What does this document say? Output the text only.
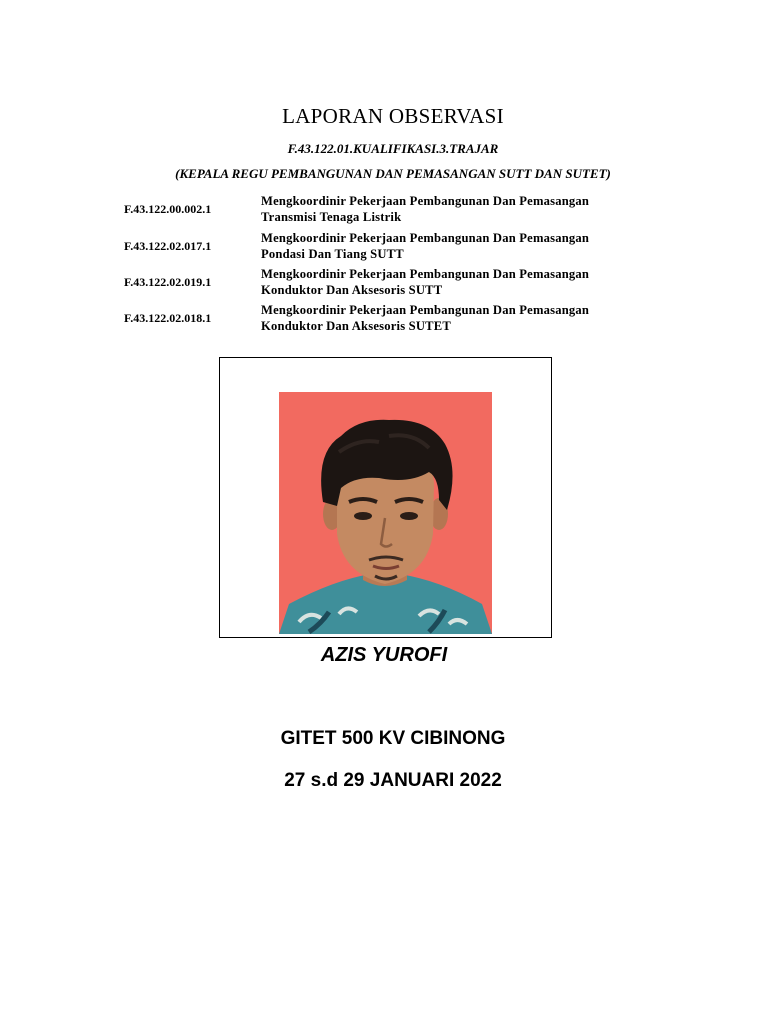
LAPORAN OBSERVASI
F.43.122.01.KUALIFIKASI.3.TRAJAR
(KEPALA REGU PEMBANGUNAN DAN PEMASANGAN SUTT DAN SUTET)
F.43.122.00.002.1
Mengkoordinir Pekerjaan Pembangunan Dan Pemasangan
Transmisi Tenaga Listrik
F.43.122.02.017.1
Mengkoordinir Pekerjaan Pembangunan Dan Pemasangan
Pondasi Dan Tiang SUTT
F.43.122.02.019.1
Mengkoordinir Pekerjaan Pembangunan Dan Pemasangan
Konduktor Dan Aksesoris SUTT
F.43.122.02.018.1
Mengkoordinir Pekerjaan Pembangunan Dan Pemasangan
Konduktor Dan Aksesoris SUTET
AZIS YUROFI
GITET 500 KV CIBINONG
27 s.d 29 JANUARI 2022
